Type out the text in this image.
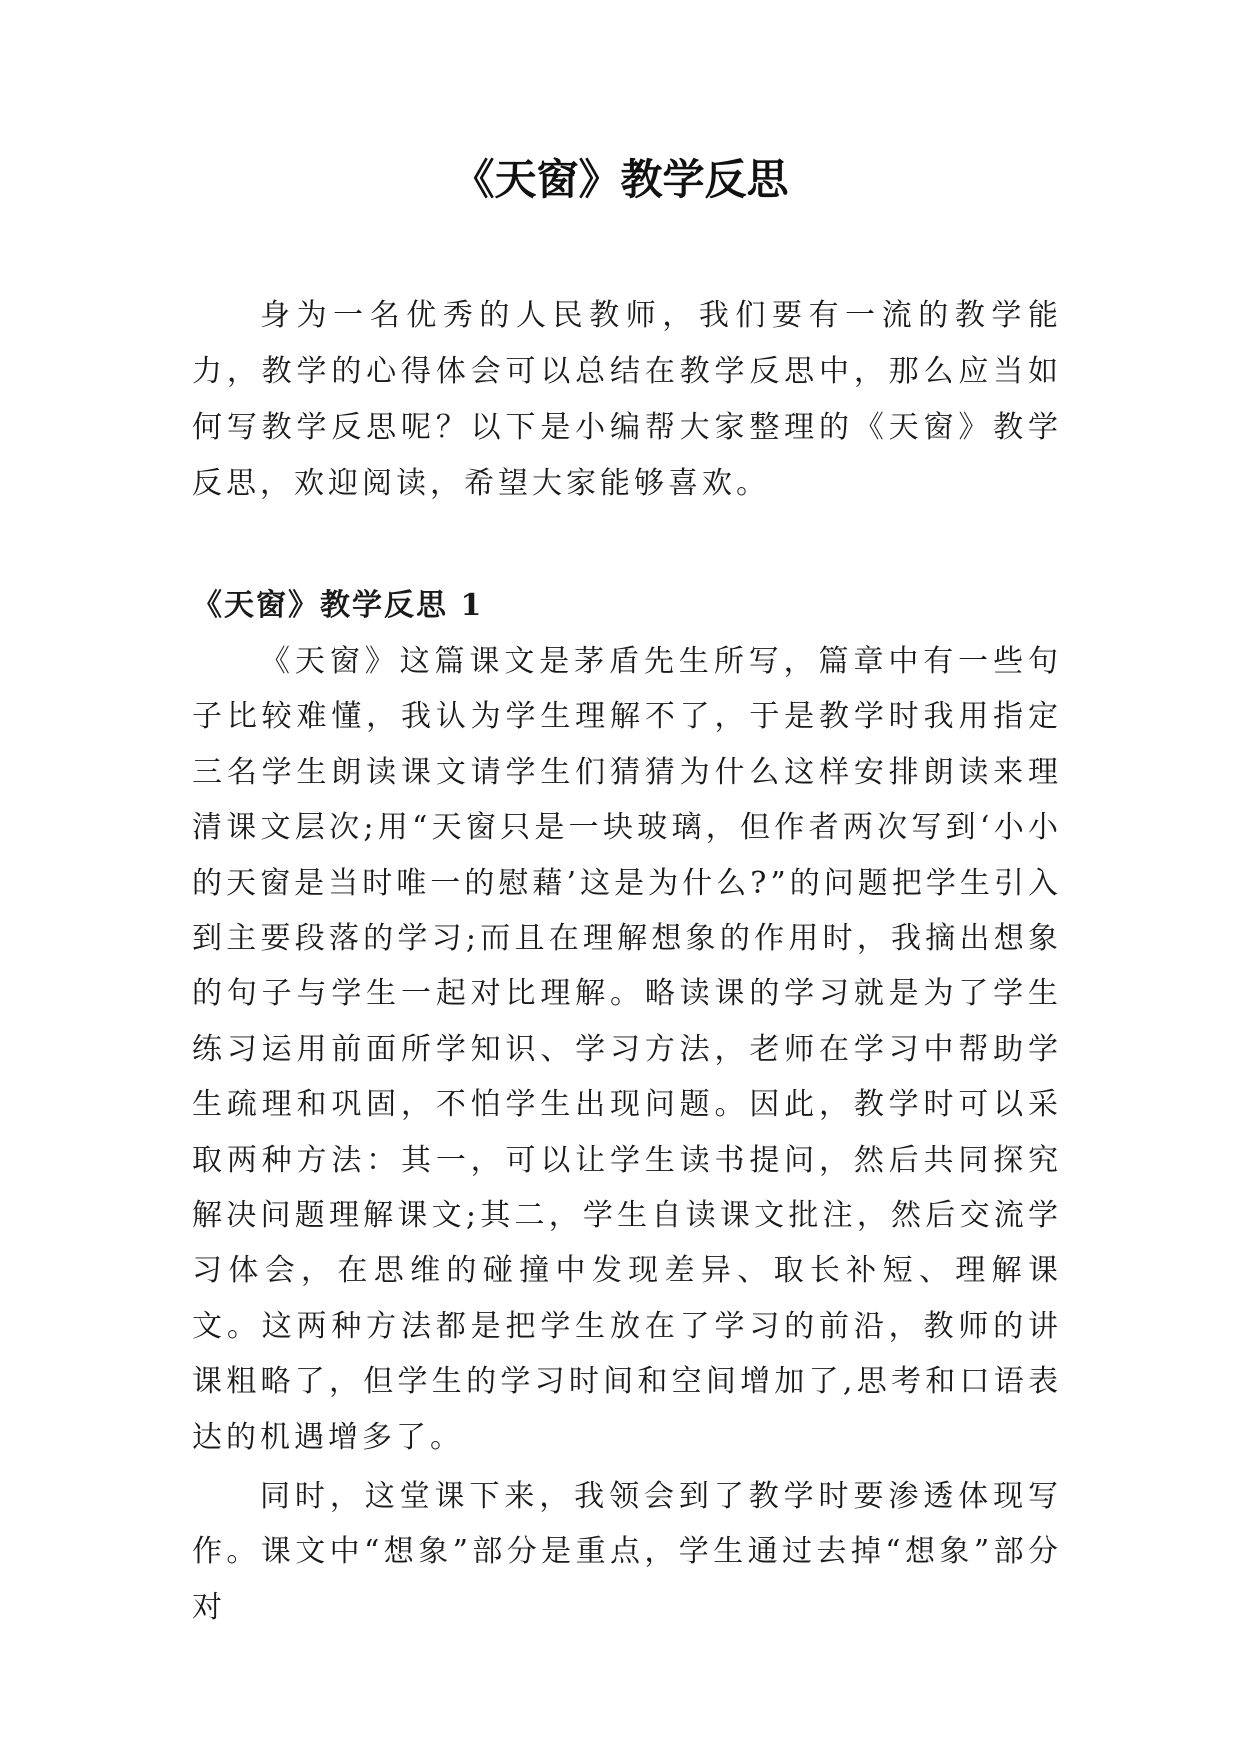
《天窗》教学反思

身为一名优秀的人民教师，我们要有一流的教学能力，教学的心得体会可以总结在教学反思中，那么应当如何写教学反思呢？以下是小编帮大家整理的《天窗》教学反思，欢迎阅读，希望大家能够喜欢。

《天窗》教学反思 1

《天窗》这篇课文是茅盾先生所写，篇章中有一些句子比较难懂，我认为学生理解不了，于是教学时我用指定三名学生朗读课文请学生们猜猜为什么这样安排朗读来理清课文层次;用“天窗只是一块玻璃，但作者两次写到‘小小的天窗是当时唯一的慰藉’这是为什么?”的问题把学生引入到主要段落的学习;而且在理解想象的作用时，我摘出想象的句子与学生一起对比理解。略读课的学习就是为了学生练习运用前面所学知识、学习方法，老师在学习中帮助学生疏理和巩固，不怕学生出现问题。因此，教学时可以采取两种方法：其一，可以让学生读书提问，然后共同探究解决问题理解课文;其二，学生自读课文批注，然后交流学习体会，在思维的碰撞中发现差异、取长补短、理解课文。这两种方法都是把学生放在了学习的前沿，教师的讲课粗略了，但学生的学习时间和空间增加了,思考和口语表达的机遇增多了。

同时，这堂课下来，我领会到了教学时要渗透体现写作。课文中“想象”部分是重点，学生通过去掉“想象”部分对
